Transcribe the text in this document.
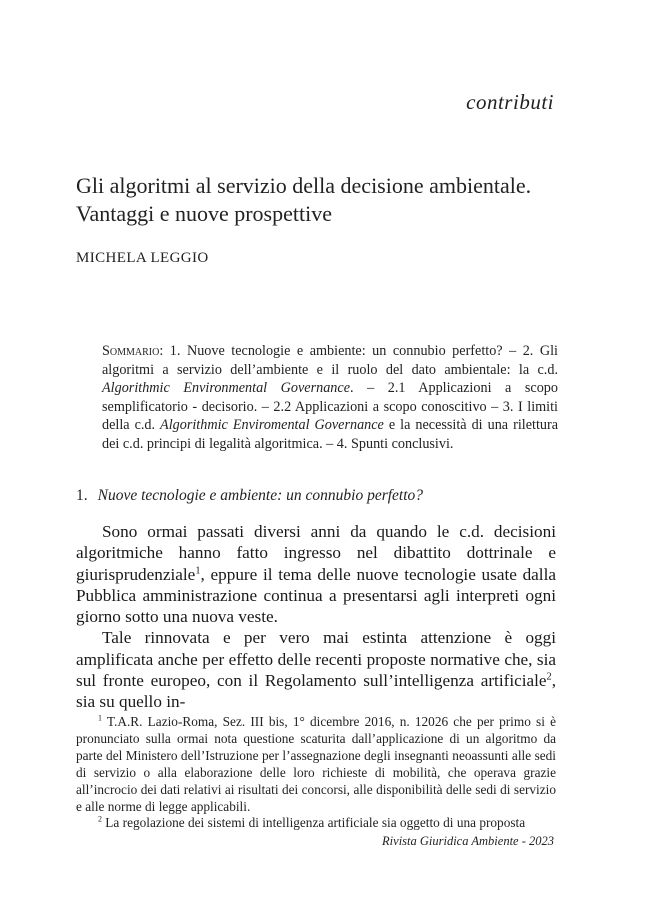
contributi
Gli algoritmi al servizio della decisione ambientale.
Vantaggi e nuove prospettive
MICHELA LEGGIO
Sommario: 1. Nuove tecnologie e ambiente: un connubio perfetto? – 2. Gli algoritmi a servizio dell’ambiente e il ruolo del dato ambientale: la c.d. Algorithmic Environmental Governance. – 2.1 Applicazioni a scopo semplificatorio - decisorio. – 2.2 Applicazioni a scopo conoscitivo – 3. I limiti della c.d. Algorithmic Enviromental Governance e la necessità di una rilettura dei c.d. principi di legalità algoritmica. – 4. Spunti conclusivi.
1. Nuove tecnologie e ambiente: un connubio perfetto?

Sono ormai passati diversi anni da quando le c.d. decisioni algoritmiche hanno fatto ingresso nel dibattito dottrinale e giurisprudenziale$^1$, eppure il tema delle nuove tecnologie usate dalla Pubblica amministrazione continua a presentarsi agli interpreti ogni giorno sotto una nuova veste.

Tale rinnovata e per vero mai estinta attenzione è oggi amplificata anche per effetto delle recenti proposte normative che, sia sul fronte europeo, con il Regolamento sull’intelligenza artificiale$^2$, sia su quello in-

$^1$ T.A.R. Lazio-Roma, Sez. III bis, 1° dicembre 2016, n. 12026 che per primo si è pronunciato sulla ormai nota questione scaturita dall’applicazione di un algoritmo da parte del Ministero dell’Istruzione per l’assegnazione degli insegnanti neoassunti alle sedi di servizio o alla elaborazione delle loro richieste di mobilità, che operava grazie all’incrocio dei dati relativi ai risultati dei concorsi, alle disponibilità delle sedi di servizio e alle norme di legge applicabili.

$^2$ La regolazione dei sistemi di intelligenza artificiale sia oggetto di una proposta

Rivista Giuridica Ambiente - 2023
